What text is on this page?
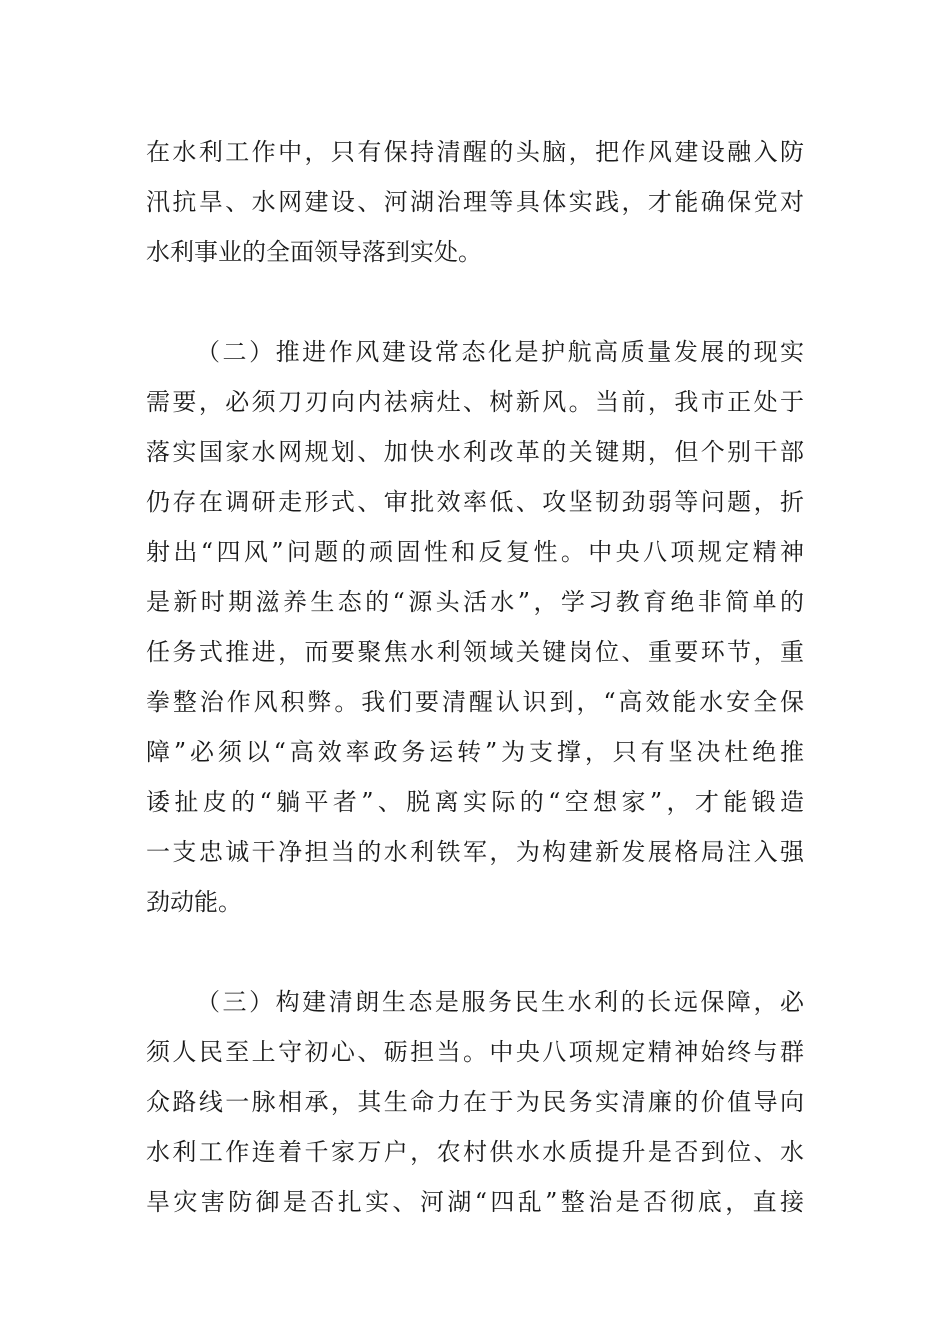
在水利工作中，只有保持清醒的头脑，把作风建设融入防
汛抗旱、水网建设、河湖治理等具体实践，才能确保党对
水利事业的全面领导落到实处。
（二）推进作风建设常态化是护航高质量发展的现实
需要，必须刀刃向内祛病灶、树新风。当前，我市正处于
落实国家水网规划、加快水利改革的关键期，但个别干部
仍存在调研走形式、审批效率低、攻坚韧劲弱等问题，折
射出“四风”问题的顽固性和反复性。中央八项规定精神
是新时期滋养生态的“源头活水”，学习教育绝非简单的
任务式推进，而要聚焦水利领域关键岗位、重要环节，重
拳整治作风积弊。我们要清醒认识到，“高效能水安全保
障”必须以“高效率政务运转”为支撑，只有坚决杜绝推
诿扯皮的“躺平者”、脱离实际的“空想家”，才能锻造
一支忠诚干净担当的水利铁军，为构建新发展格局注入强
劲动能。
（三）构建清朗生态是服务民生水利的长远保障，必
须人民至上守初心、砺担当。中央八项规定精神始终与群
众路线一脉相承，其生命力在于为民务实清廉的价值导向
水利工作连着千家万户，农村供水水质提升是否到位、水
旱灾害防御是否扎实、河湖“四乱”整治是否彻底，直接
